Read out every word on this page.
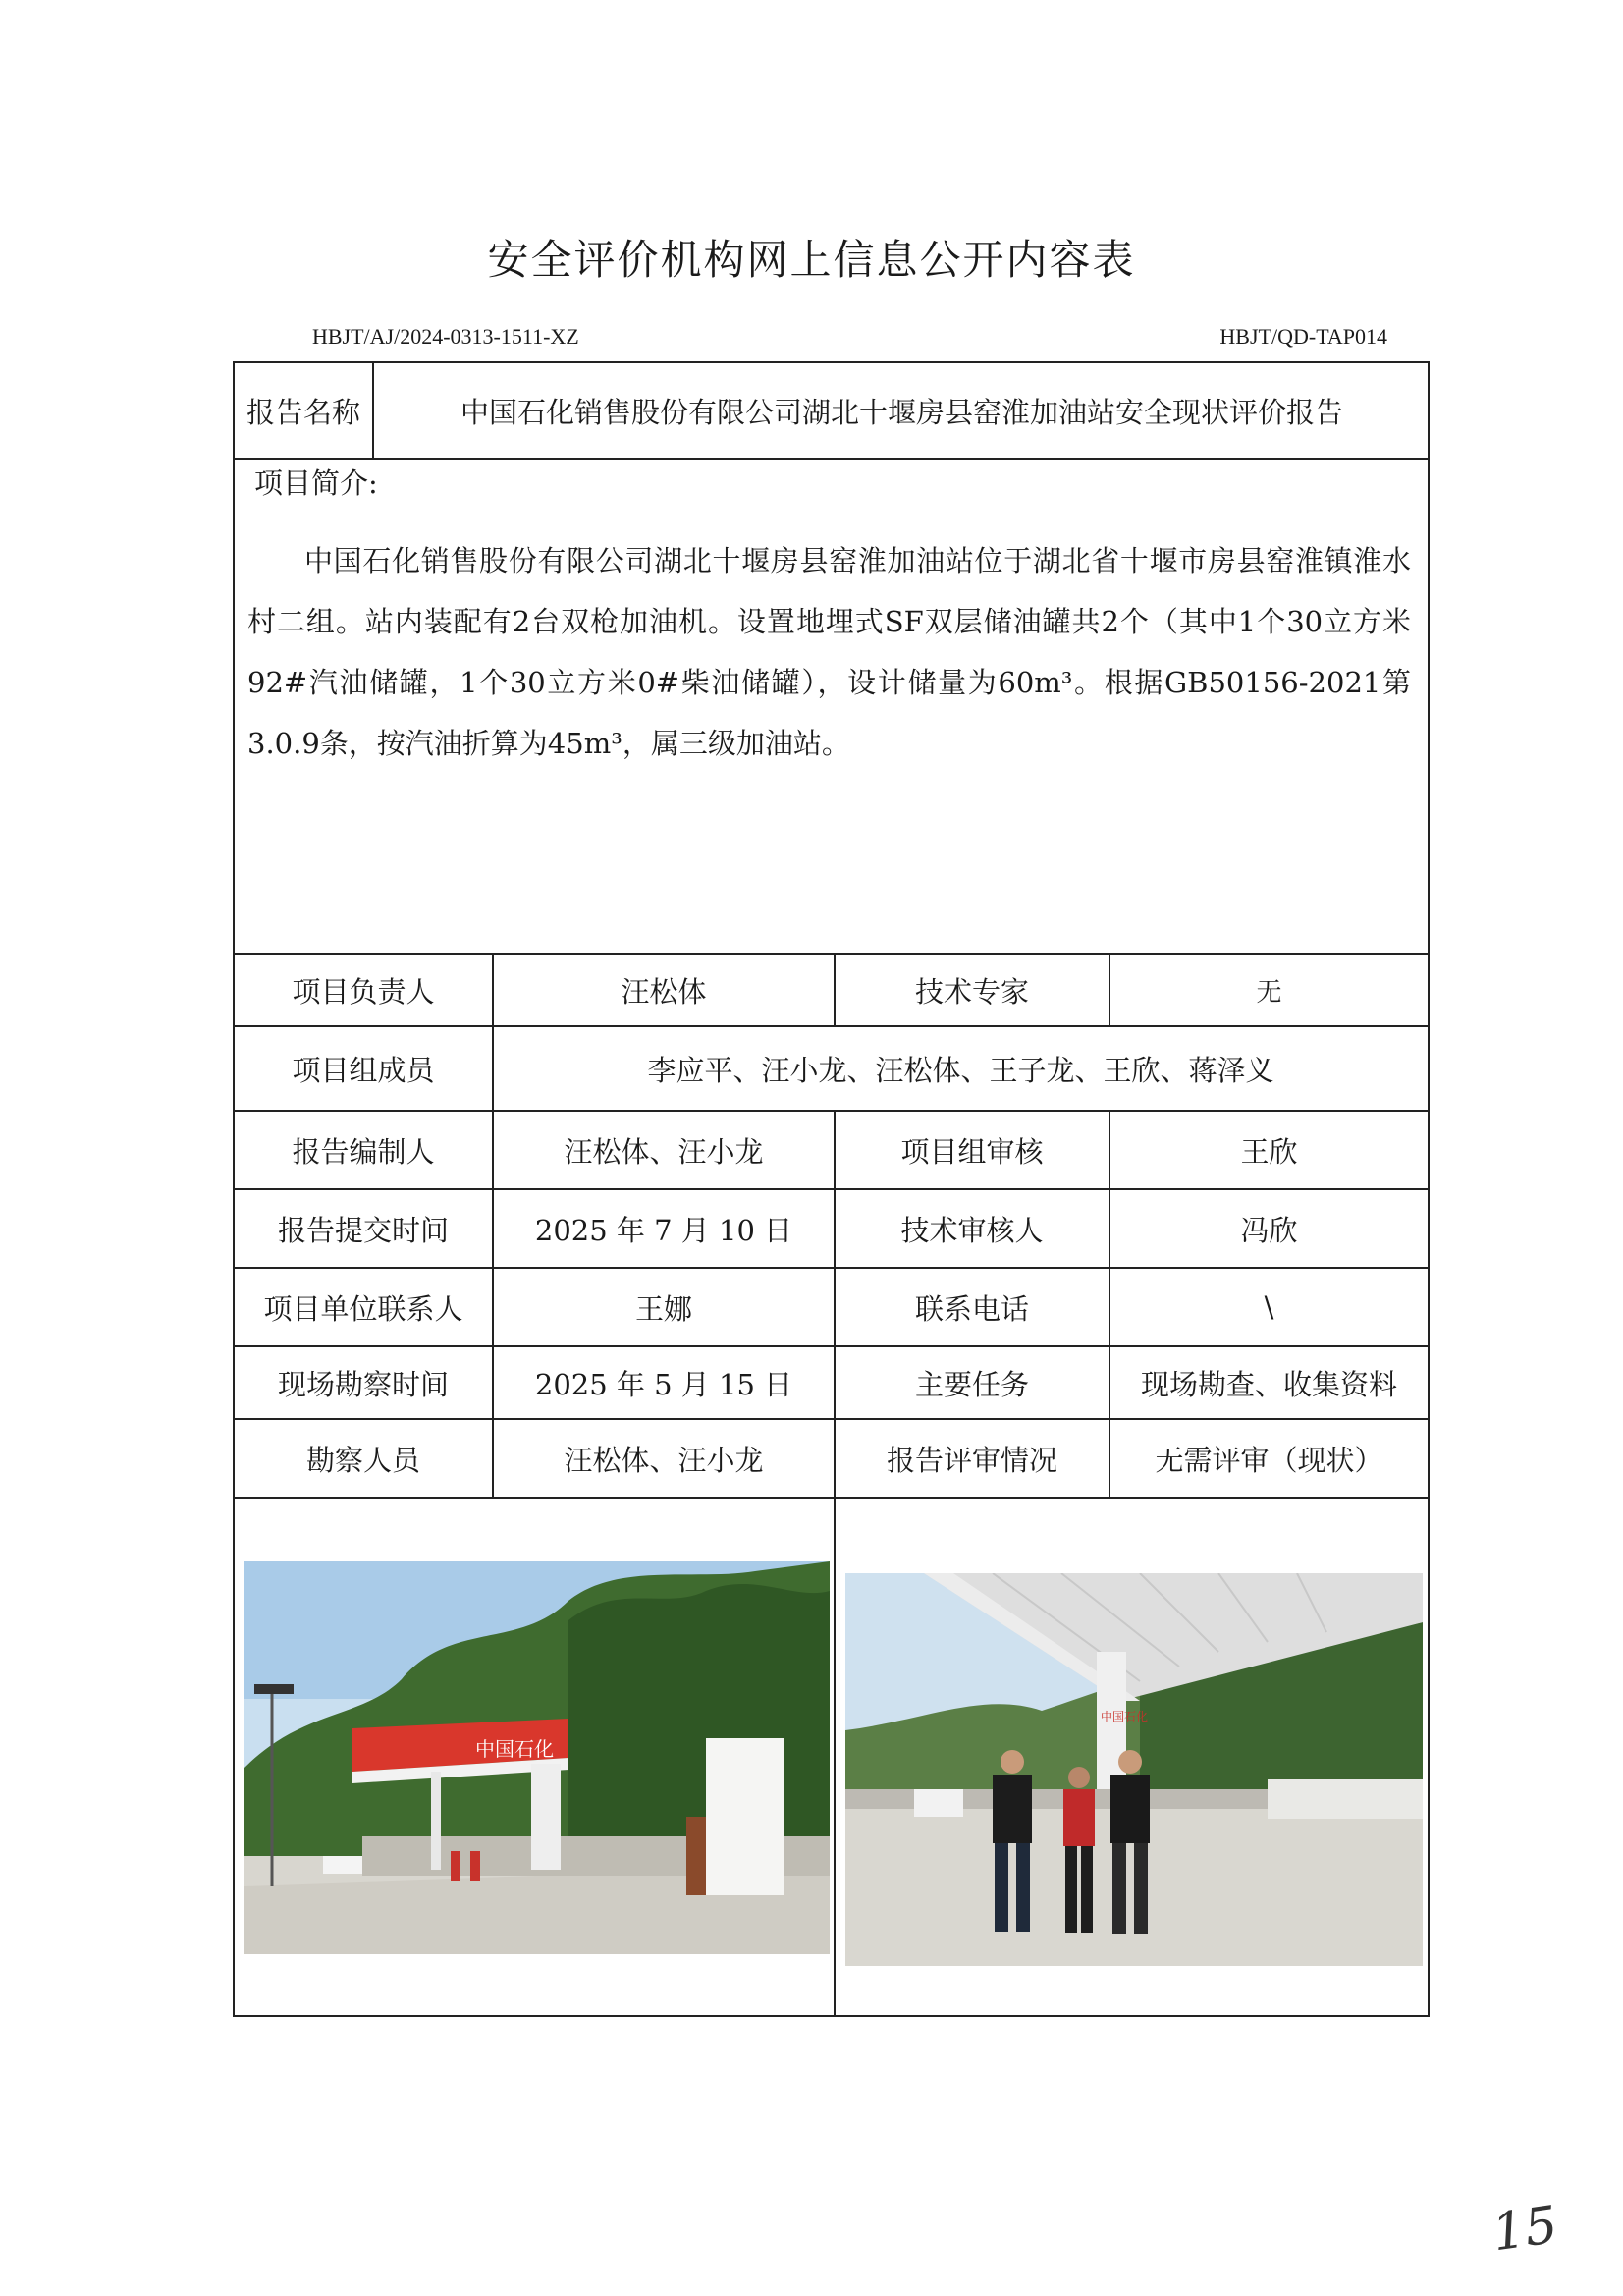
安全评价机构网上信息公开内容表
HBJT/AJ/2024-0313-1511-XZ	HBJT/QD-TAP014
报告名称	中国石化销售股份有限公司湖北十堰房县窑淮加油站安全现状评价报告
项目简介:
中国石化销售股份有限公司湖北十堰房县窑淮加油站位于湖北省十堰市房县窑淮镇淮水村二组。站内装配有2台双枪加油机。设置地埋式SF双层储油罐共2个（其中1个30立方米92#汽油储罐，1个30立方米0#柴油储罐），设计储量为60m³。根据GB50156-2021第3.0.9条，按汽油折算为45m³，属三级加油站。
项目负责人	汪松体	技术专家	无
项目组成员	李应平、汪小龙、汪松体、王子龙、王欣、蒋泽义
报告编制人	汪松体、汪小龙	项目组审核	王欣
报告提交时间	2025 年 7 月 10 日	技术审核人	冯欣
项目单位联系人	王娜	联系电话	\
现场勘察时间	2025 年 5 月 15 日	主要任务	现场勘查、收集资料
勘察人员	汪松体、汪小龙	报告评审情况	无需评审（现状）
中国石化
中国石化
15
